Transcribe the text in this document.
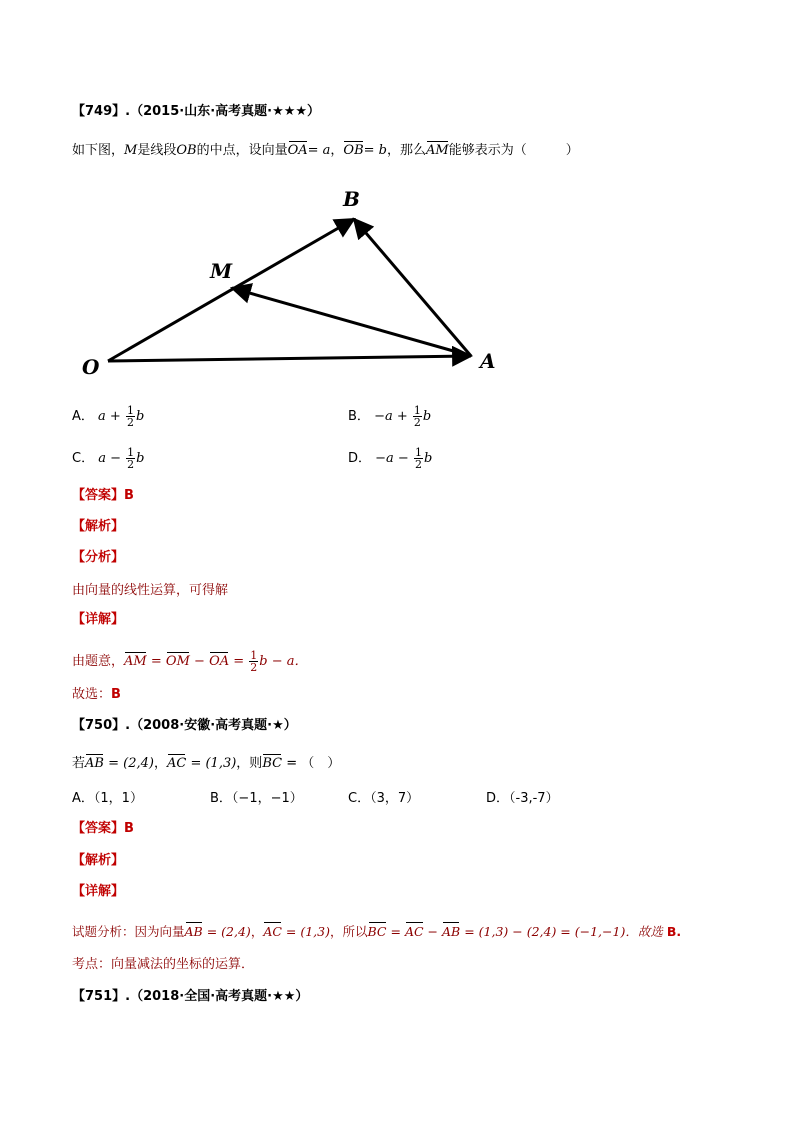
【749】.（2015·山东·高考真题·★★★）
如下图，M是线段OB的中点，设向量OA= a，OB= b，那么AM能够表示为（　　　）
O	A
B
M
A． $a + \frac{1}{2}$ b	B． $-a + \frac{1}{2}$ b
C． $a - \frac{1}{2}$ b	D． $-a - \frac{1}{2}$ b
【答案】B
【解析】
【分析】
由向量的线性运算，可得解
【详解】
由题意，AM = OM − OA = $\frac{1}{2}$ b − a．
故选：B
【750】.（2008·安徽·高考真题·★）
若AB = (2,4)，AC = (1,3)，则BC = （　）
A．（1，1）	B．（−1，−1）	C．（3，7）	D．（-3,-7）
【答案】B
【解析】
【详解】
试题分析：因为向量AB = (2,4)，AC = (1,3)，所以BC = AC − AB = (1,3) − (2,4) = (−1,−1)．故选 B.
考点：向量减法的坐标的运算．
【751】.（2018·全国·高考真题·★★）
